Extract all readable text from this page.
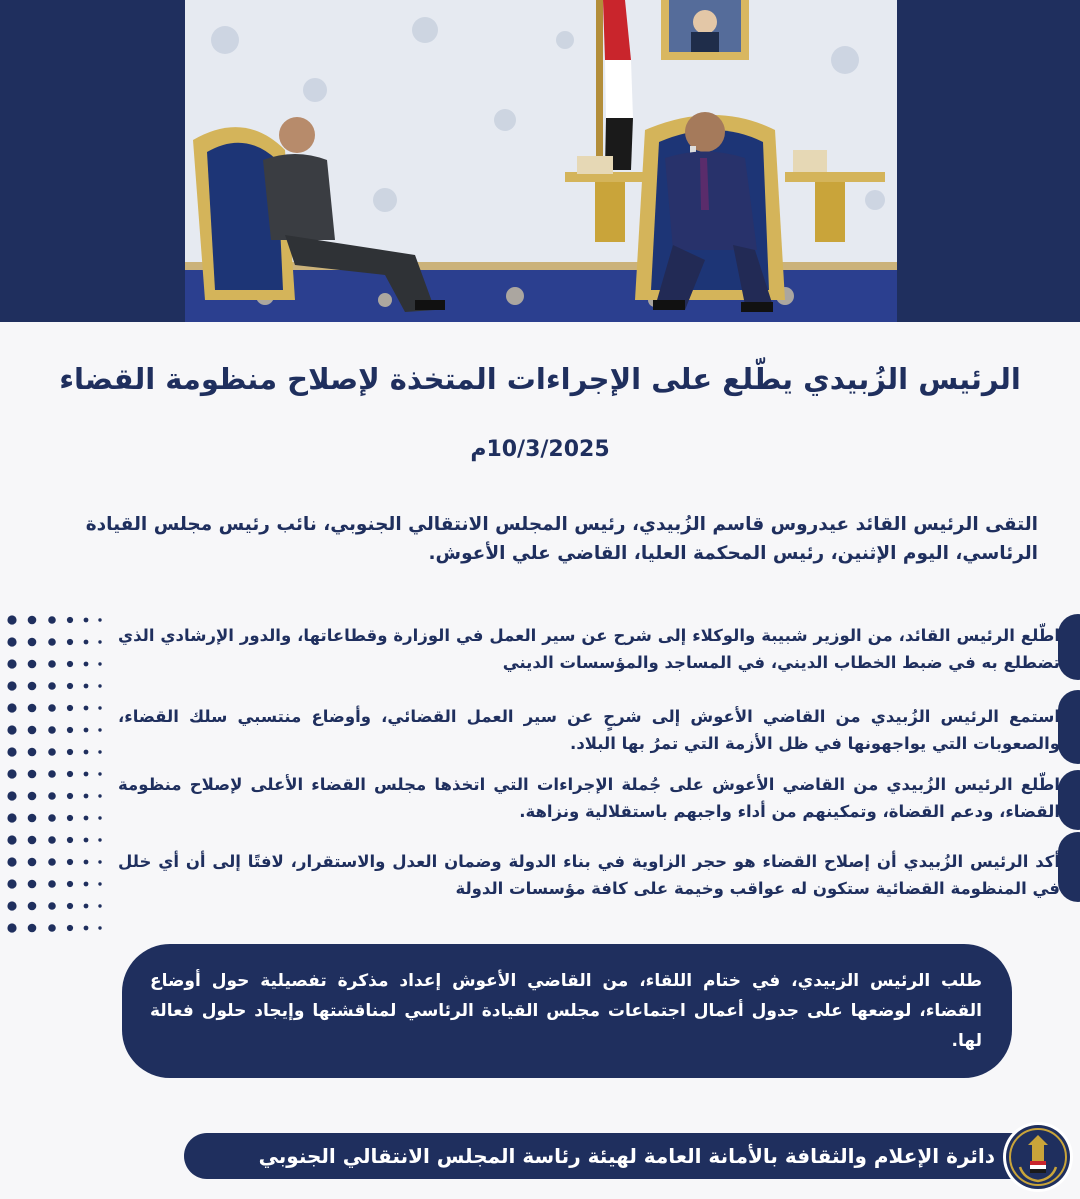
الرئيس الزُبيدي يطّلع على الإجراءات المتخذة لإصلاح منظومة القضاء
10/3/2025م
التقى الرئيس القائد عيدروس قاسم الزُبيدي، رئيس المجلس الانتقالي الجنوبي، نائب رئيس مجلس القيادة الرئاسي، اليوم الإثنين، رئيس المحكمة العليا، القاضي علي الأعوش.
اطّلع الرئيس القائد، من الوزير شبيبة والوكلاء إلى شرح عن سير العمل في الوزارة وقطاعاتها، والدور الإرشادي الذي تضطلع به في ضبط الخطاب الديني، في المساجد والمؤسسات الديني
استمع الرئيس الزُبيدي من القاضي الأعوش إلى شرحٍ عن سير العمل القضائي، وأوضاع منتسبي سلك القضاء، والصعوبات التي يواجهونها في ظل الأزمة التي تمرُ بها البلاد.
اطّلع الرئيس الزُبيدي من القاضي الأعوش على جُملة الإجراءات التي اتخذها مجلس القضاء الأعلى لإصلاح منظومة القضاء، ودعم القضاة، وتمكينهم من أداء واجبهم باستقلالية ونزاهة.
أكد الرئيس الزُبيدي أن إصلاح القضاء هو حجر الزاوية في بناء الدولة وضمان العدل والاستقرار، لافتًا إلى أن أي خلل في المنظومة القضائية ستكون له عواقب وخيمة على كافة مؤسسات الدولة
طلب الرئيس الزبيدي، في ختام اللقاء، من القاضي الأعوش إعداد مذكرة تفصيلية حول أوضاع القضاء، لوضعها على جدول أعمال اجتماعات مجلس القيادة الرئاسي لمناقشتها وإيجاد حلول فعالة لها.
دائرة الإعلام والثقافة بالأمانة العامة لهيئة رئاسة المجلس الانتقالي الجنوبي
